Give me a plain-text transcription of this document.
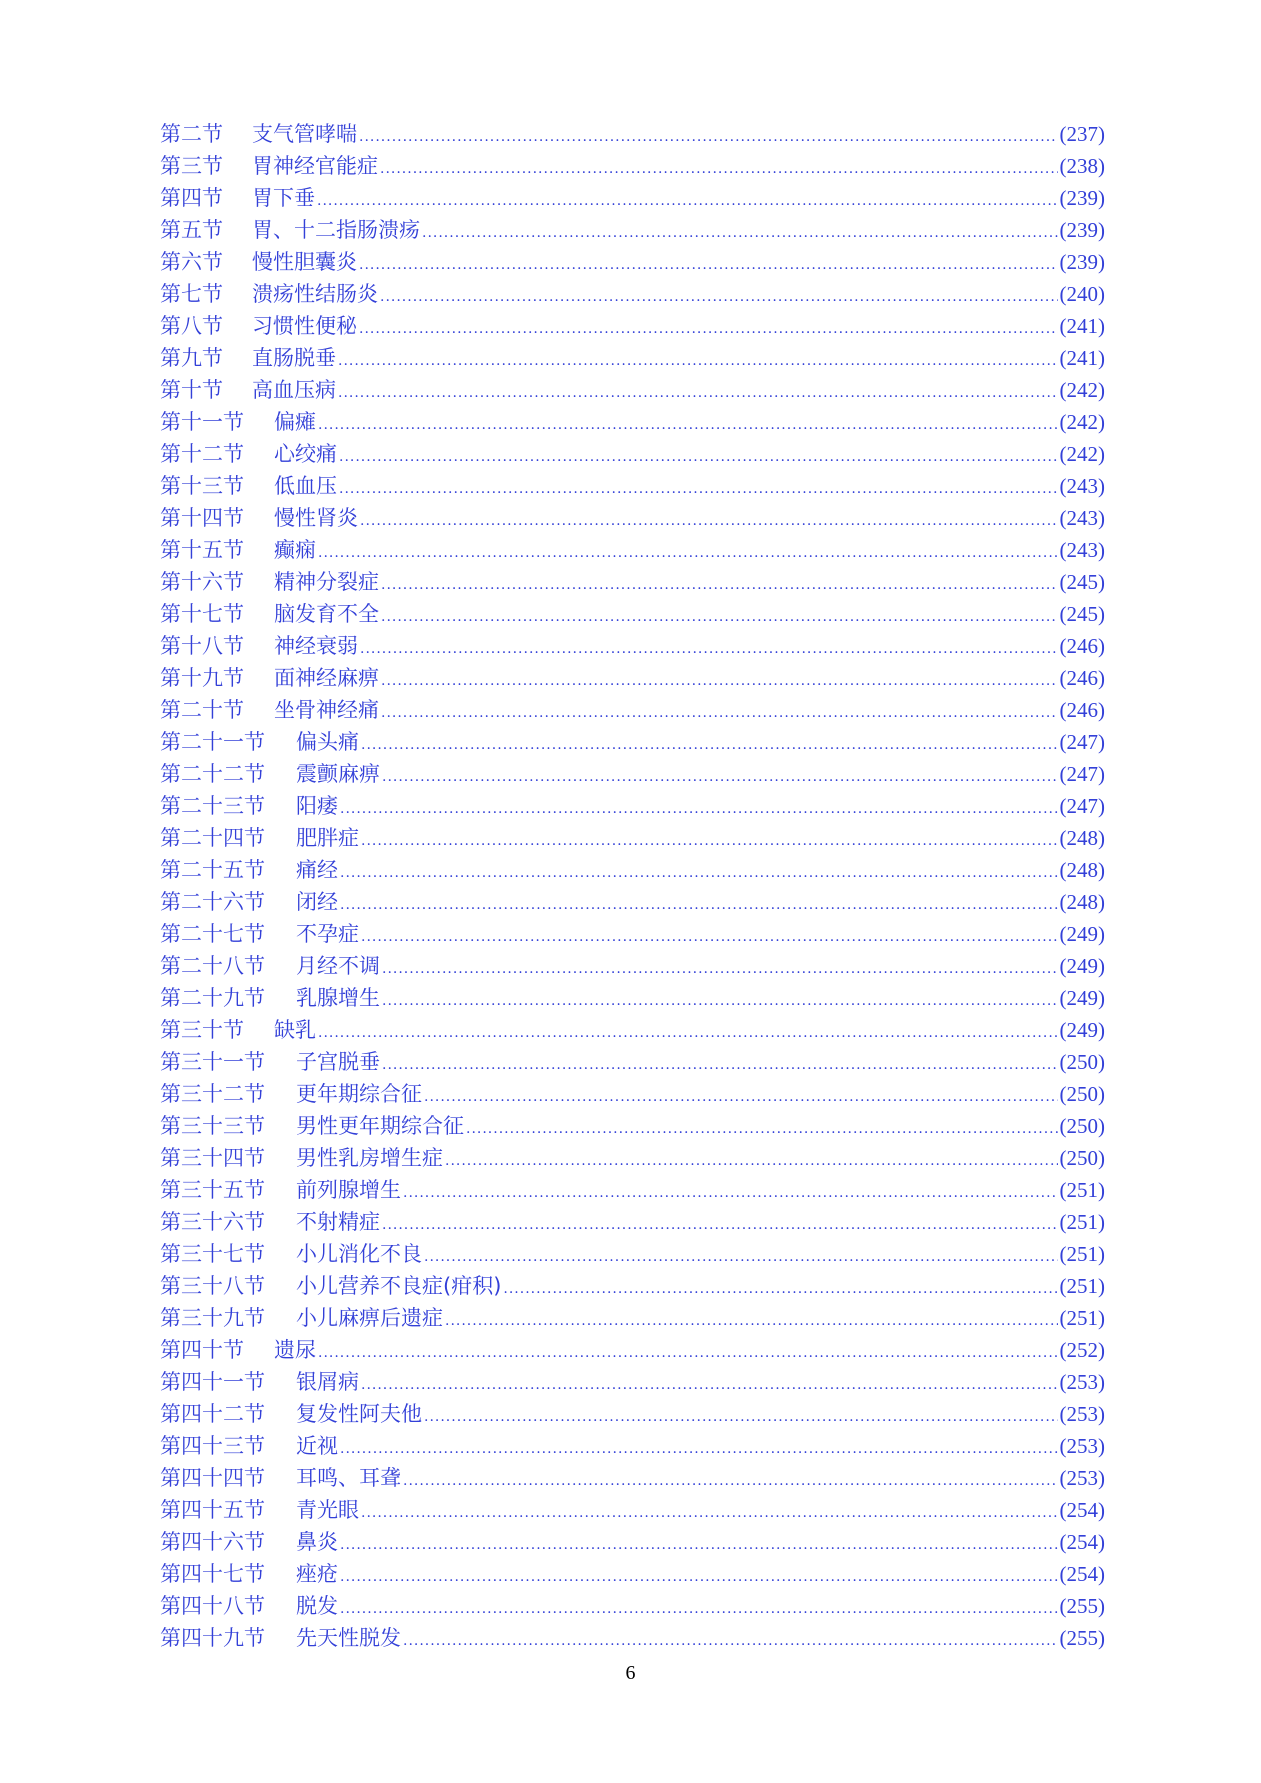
第二节	支气管哮喘 .....	(237)
第三节	胃神经官能症 .....	(238)
第四节	胃下垂 .....	(239)
第五节	胃、十二指肠溃疡 .....	(239)
第六节	慢性胆囊炎 .....	(239)
第七节	溃疡性结肠炎 .....	(240)
第八节	习惯性便秘 .....	(241)
第九节	直肠脱垂 .....	(241)
第十节	高血压病 .....	(242)
第十一节	偏瘫 .....	(242)
第十二节	心绞痛 .....	(242)
第十三节	低血压 .....	(243)
第十四节	慢性肾炎 .....	(243)
第十五节	癫痫 .....	(243)
第十六节	精神分裂症 .....	(245)
第十七节	脑发育不全 .....	(245)
第十八节	神经衰弱 .....	(246)
第十九节	面神经麻痹 .....	(246)
第二十节	坐骨神经痛 .....	(246)
第二十一节	偏头痛 .....	(247)
第二十二节	震颤麻痹 .....	(247)
第二十三节	阳痿 .....	(247)
第二十四节	肥胖症 .....	(248)
第二十五节	痛经 .....	(248)
第二十六节	闭经 .....	(248)
第二十七节	不孕症 .....	(249)
第二十八节	月经不调 .....	(249)
第二十九节	乳腺增生 .....	(249)
第三十节	缺乳 .....	(249)
第三十一节	子宫脱垂 .....	(250)
第三十二节	更年期综合征 .....	(250)
第三十三节	男性更年期综合征 .....	(250)
第三十四节	男性乳房增生症 .....	(250)
第三十五节	前列腺增生 .....	(251)
第三十六节	不射精症 .....	(251)
第三十七节	小儿消化不良 .....	(251)
第三十八节	小儿营养不良症(疳积) .....	(251)
第三十九节	小儿麻痹后遗症 .....	(251)
第四十节	遗尿 .....	(252)
第四十一节	银屑病 .....	(253)
第四十二节	复发性阿夫他 .....	(253)
第四十三节	近视 .....	(253)
第四十四节	耳鸣、耳聋 .....	(253)
第四十五节	青光眼 .....	(254)
第四十六节	鼻炎 .....	(254)
第四十七节	痤疮 .....	(254)
第四十八节	脱发 .....	(255)
第四十九节	先天性脱发 .....	(255)
6
